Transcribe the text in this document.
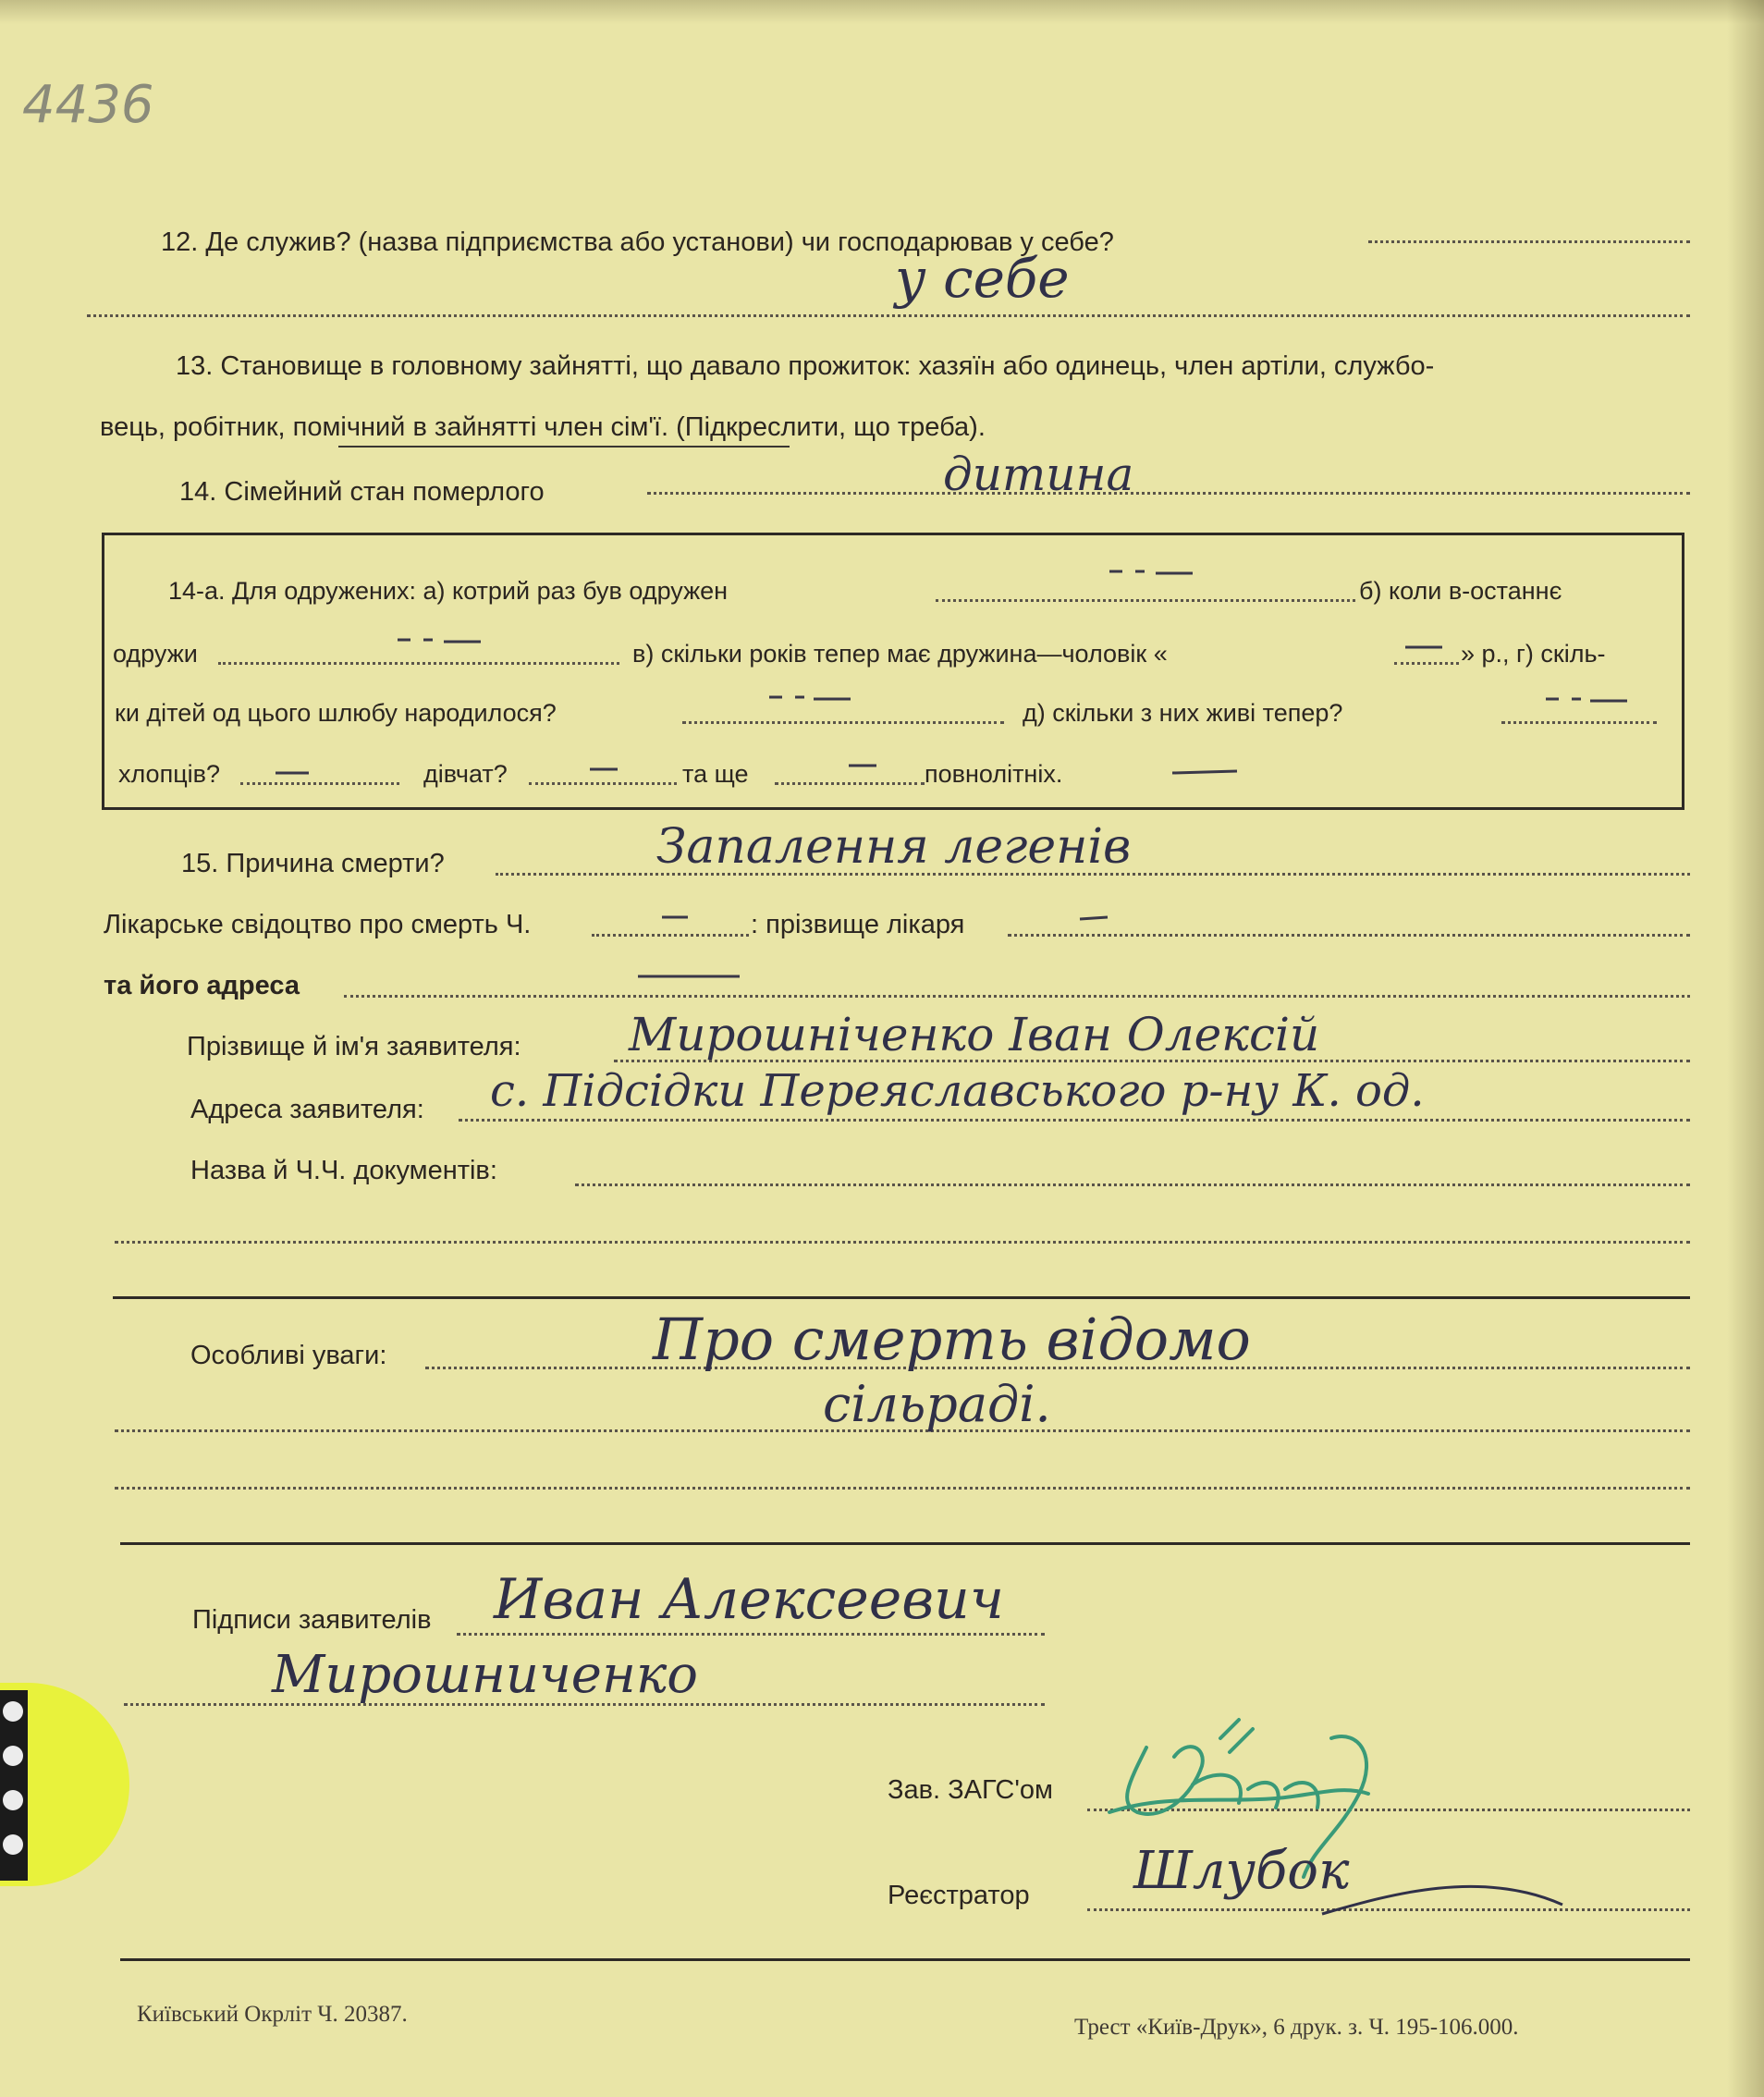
4436
12. Де служив? (назва підприємства або установи) чи господарював у себе?
у себе
13. Становище в головному зайнятті, що давало прожиток: хазяїн або одинець, член артіли, службо-
вець, робітник, помічний в зайнятті член сім'ї. (Підкреслити, що треба).
14. Сімейний стан померлого	дитина
14-а. Для одружених: а) котрий раз був одружен	б) коли в-останнє
одружи	в) скільки років тепер має дружина—чоловік «	» р., г) скіль-
ки дітей од цього шлюбу народилося?	д) скільки з них живі тепер?
хлопців?	дівчат?	та ще	повнолітніх.
15. Причина смерти?	Запалення легенів
Лікарське свідоцтво про смерть Ч.	: прізвище лікаря
та його адреса
Прізвище й ім'я заявителя: Мирошніченко Іван Олексій
Адреса заявителя: с. Підсідки Переяславського р-ну К. од.
Назва й Ч.Ч. документів:
Особливі уваги:	Про смерть відомо
сільраді.
Підписи заявителів Иван Алексеевич
Мирошниченко
Зав. ЗАГС'ом
Реєстратор Шлубок
Київський Окрліт Ч. 20387.
Трест «Київ-Друк», 6 друк. з. Ч. 195-106.000.
